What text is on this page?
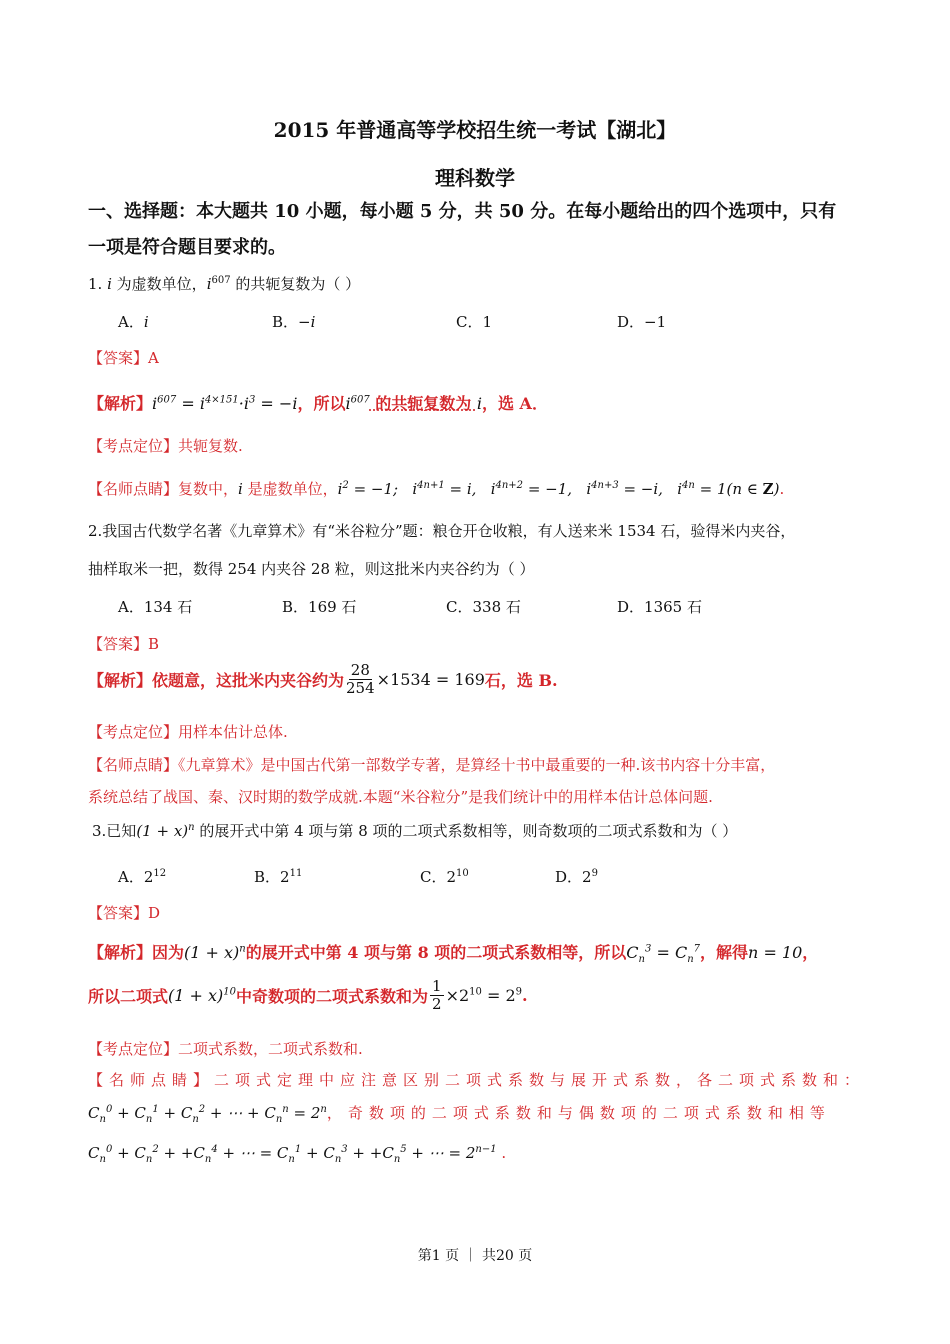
2015 年普通高等学校招生统一考试【湖北】
理科数学
一、选择题：本大题共 10 小题，每小题 5 分，共 50 分。在每小题给出的四个选项中，只有
一项是符合题目要求的。
1. i 为虚数单位，$i^{607}$ 的共轭复数为（ ）
A．i	B．−i	C．1	D．−1
【答案】A
【解析】$i^{607} = i^{4\times 151}\cdot i^3 = -i$，所以$i^{607}$ 的共轭复数为 i，选 A．
【考点定位】共轭复数.
【名师点睛】复数中，i 是虚数单位，$i^2 = -1$;   $i^{4n+1} = i$,   $i^{4n+2} = -1$,   $i^{4n+3} = -i$,   $i^{4n} = 1(n$ ∈ Z).
2.我国古代数学名著《九章算术》有“米谷粒分”题：粮仓开仓收粮，有人送来米 1534 石，验得米内夹谷，
抽样取米一把，数得 254 内夹谷 28 粒，则这批米内夹谷约为（ ）
A．134 石	B．169 石	C．338 石	D．1365 石
【答案】B
【解析】依题意，这批米内夹谷约为 $\frac{28}{254} \times 1534 = 169$ 石，选 B.
【考点定位】用样本估计总体.
【名师点睛】《九章算术》是中国古代第一部数学专著，是算经十书中最重要的一种.该书内容十分丰富，
系统总结了战国、秦、汉时期的数学成就.本题“米谷粒分”是我们统计中的用样本估计总体问题.
3.已知$(1 + x)^n$ 的展开式中第 4 项与第 8 项的二项式系数相等，则奇数项的二项式系数和为（ ）
A．$2^{12}$	B．$2^{11}$	C．$2^{10}$	D．$2^9$
【答案】D
【解析】因为$(1 + x)^n$的展开式中第 4 项与第 8 项的二项式系数相等，所以$C_n^3 = C_n^7$，解得n = 10，
所以二项式 $(1 + x)^{10}$ 中奇数项的二项式系数和为 $\frac{1}{2} \times 2^{10} = 2^9$ .
【考点定位】二项式系数，二项式系数和.
【名师点睛】二项式定理中应注意区别二项式系数与展开式系数，各二项式系数和：
$C_n^0 + C_n^1 + C_n^2$ + ⋯ + $C_n^n = 2^n$，奇数项的二项式系数和与偶数项的二项式系数和相等
$C_n^0 + C_n^2 + +C_n^4$ + ⋯ = $C_n^1 + C_n^3 + +C_n^5$ + ⋯ = $2^{n-1}$ .
第1 页 ｜ 共20 页
